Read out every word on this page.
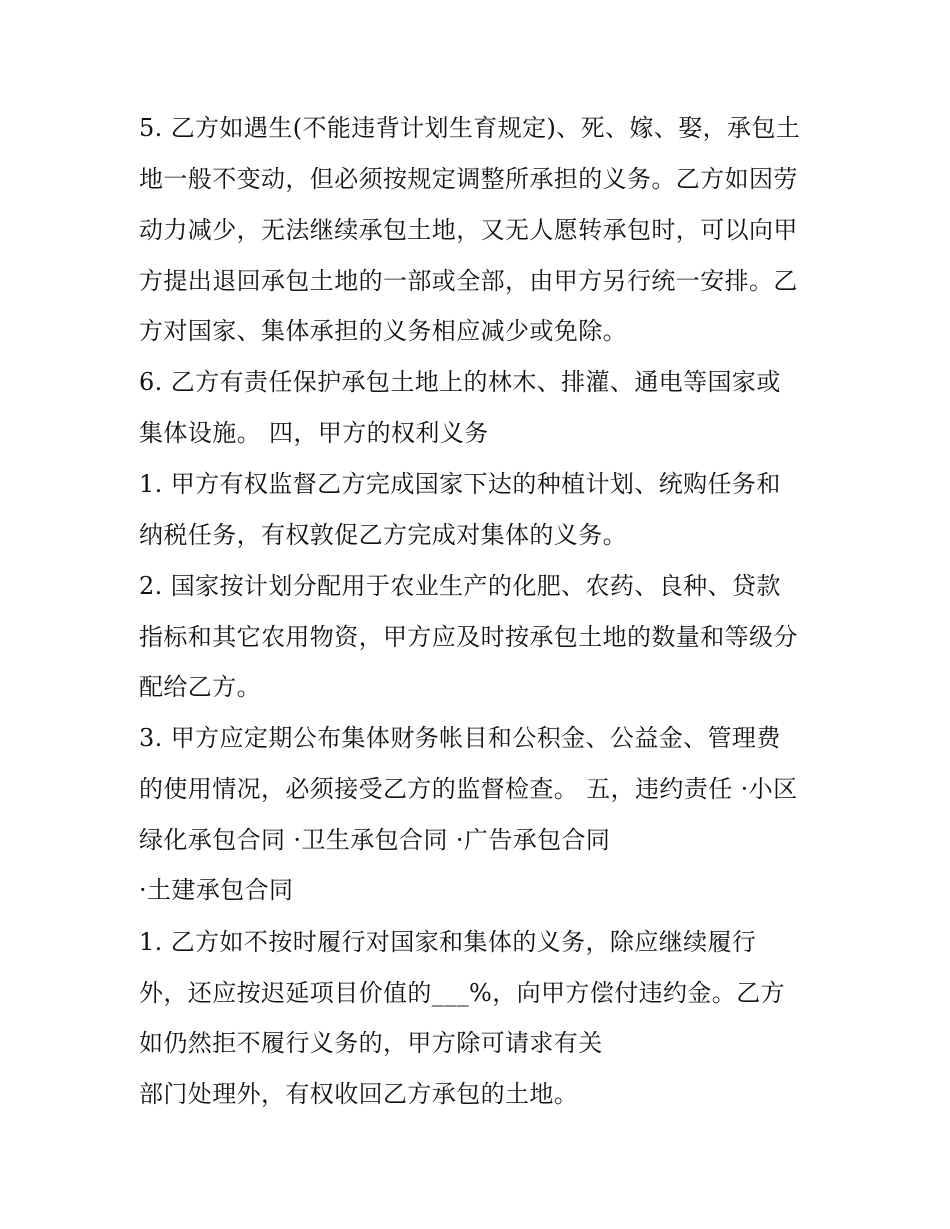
5. 乙方如遇生(不能违背计划生育规定)、死、嫁、娶，承包土
地一般不变动，但必须按规定调整所承担的义务。乙方如因劳
动力减少，无法继续承包土地，又无人愿转承包时，可以向甲
方提出退回承包土地的一部或全部，由甲方另行统一安排。乙
方对国家、集体承担的义务相应减少或免除。
6. 乙方有责任保护承包土地上的林木、排灌、通电等国家或
集体设施。 四，甲方的权利义务
1. 甲方有权监督乙方完成国家下达的种植计划、统购任务和
纳税任务，有权敦促乙方完成对集体的义务。
2. 国家按计划分配用于农业生产的化肥、农药、良种、贷款
指标和其它农用物资，甲方应及时按承包土地的数量和等级分
配给乙方。
3. 甲方应定期公布集体财务帐目和公积金、公益金、管理费
的使用情况，必须接受乙方的监督检查。 五，违约责任 ·小区
绿化承包合同 ·卫生承包合同 ·广告承包合同
·土建承包合同
1. 乙方如不按时履行对国家和集体的义务，除应继续履行
外，还应按迟延项目价值的___%，向甲方偿付违约金。乙方
如仍然拒不履行义务的，甲方除可请求有关
部门处理外，有权收回乙方承包的土地。
